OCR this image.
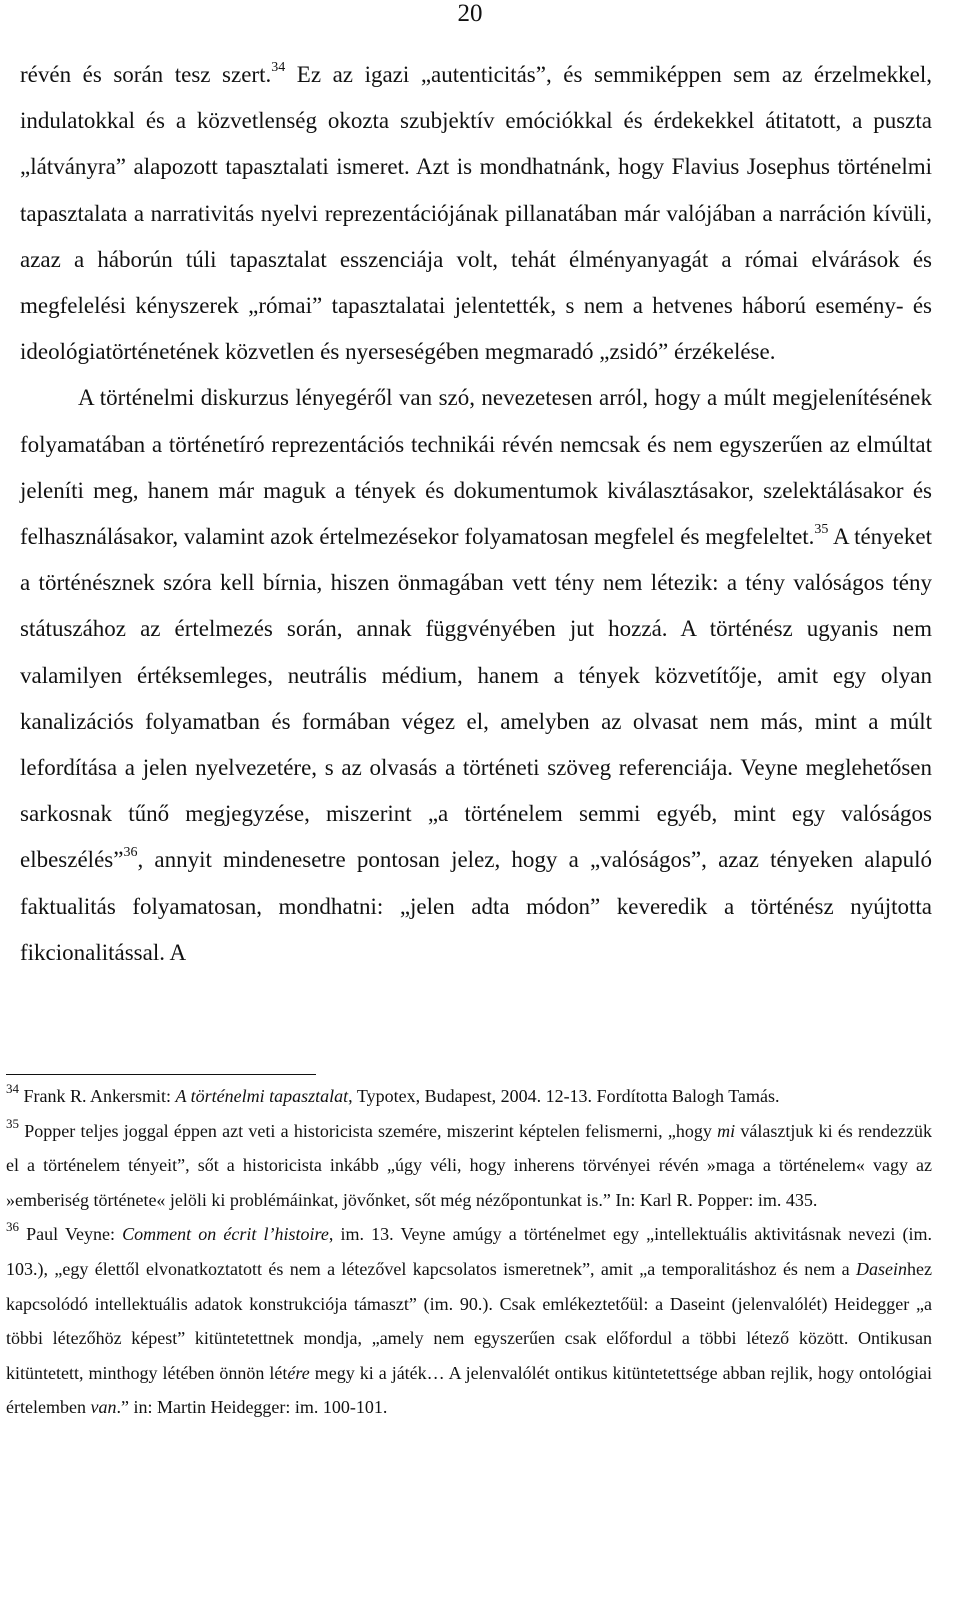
20

révén és során tesz szert.$^{34}$ Ez az igazi „autenticitás”, és semmiképpen sem az érzelmekkel, indulatokkal és a közvetlenség okozta szubjektív emóciókkal és érdekekkel átitatott, a puszta „látványra” alapozott tapasztalati ismeret. Azt is mondhatnánk, hogy Flavius Josephus történelmi tapasztalata a narrativitás nyelvi reprezentációjának pillanatában már valójában a narráción kívüli, azaz a háborún túli tapasztalat esszenciája volt, tehát élményanyagát a római elvárások és megfelelési kényszerek „római” tapasztalatai jelentették, s nem a hetvenes háború esemény- és ideológiatörténetének közvetlen és nyerseségében megmaradó „zsidó” érzékelése.

A történelmi diskurzus lényegéről van szó, nevezetesen arról, hogy a múlt megjelenítésének folyamatában a történetíró reprezentációs technikái révén nemcsak és nem egyszerűen az elmúltat jeleníti meg, hanem már maguk a tények és dokumentumok kiválasztásakor, szelektálásakor és felhasználásakor, valamint azok értelmezésekor folyamatosan megfelel és megfeleltet.$^{35}$ A tényeket a történésznek szóra kell bírnia, hiszen önmagában vett tény nem létezik: a tény valóságos tény státuszához az értelmezés során, annak függvényében jut hozzá. A történész ugyanis nem valamilyen értéksemleges, neutrális médium, hanem a tények közvetítője, amit egy olyan kanalizációs folyamatban és formában végez el, amelyben az olvasat nem más, mint a múlt lefordítása a jelen nyelvezetére, s az olvasás a történeti szöveg referenciája. Veyne meglehetősen sarkosnak tűnő megjegyzése, miszerint „a történelem semmi egyéb, mint egy valóságos elbeszélés”$^{36}$, annyit mindenesetre pontosan jelez, hogy a „valóságos”, azaz tényeken alapuló faktualitás folyamatosan, mondhatni: „jelen adta módon” keveredik a történész nyújtotta fikcionalitással. A

$^{34}$ Frank R. Ankersmit: A történelmi tapasztalat, Typotex, Budapest, 2004. 12-13. Fordította Balogh Tamás.

$^{35}$ Popper teljes joggal éppen azt veti a historicista szemére, miszerint képtelen felismerni, „hogy mi választjuk ki és rendezzük el a történelem tényeit”, sőt a historicista inkább „úgy véli, hogy inherens törvényei révén »maga a történelem« vagy az »emberiség története« jelöli ki problémáinkat, jövőnket, sőt még nézőpontunkat is.” In: Karl R. Popper: im. 435.

$^{36}$ Paul Veyne: Comment on écrit l’histoire, im. 13. Veyne amúgy a történelmet egy „intellektuális aktivitásnak nevezi (im. 103.), „egy élettől elvonatkoztatott és nem a létezővel kapcsolatos ismeretnek”, amit „a temporalitáshoz és nem a Daseinhez kapcsolódó intellektuális adatok konstrukciója támaszt” (im. 90.). Csak emlékeztetőül: a Daseint (jelenvalólét) Heidegger „a többi létezőhöz képest” kitüntetettnek mondja, „amely nem egyszerűen csak előfordul a többi létező között. Ontikusan kitüntetett, minthogy létében önnön létére megy ki a játék… A jelenvalólét ontikus kitüntetettsége abban rejlik, hogy ontológiai értelemben van.” in: Martin Heidegger: im. 100-101.
